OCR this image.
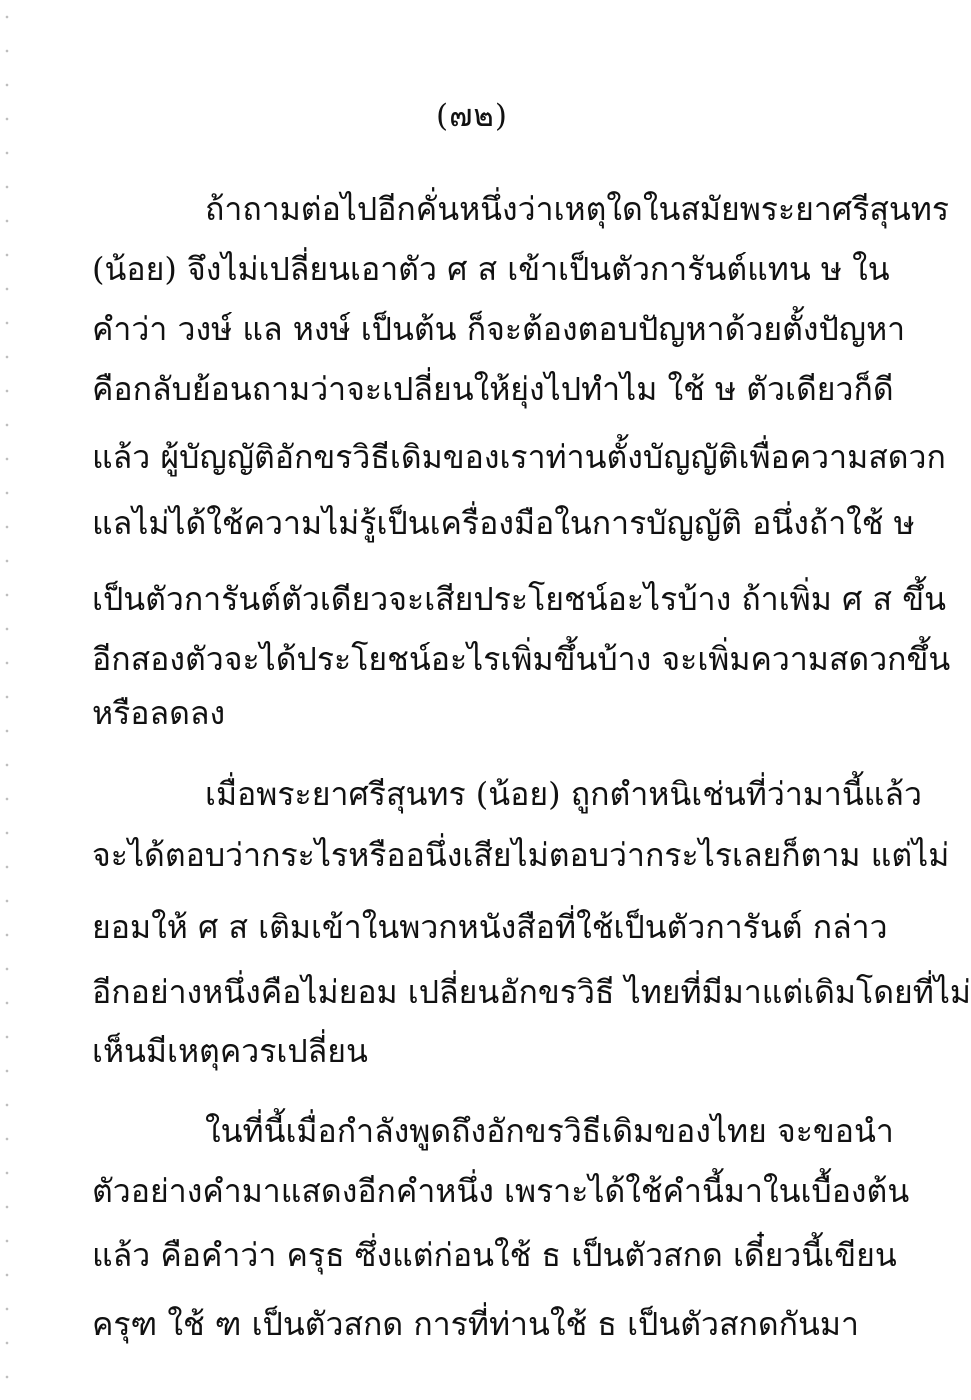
(๗๒)
ถ้าถามต่อไปอีกคั่นหนึ่งว่าเหตุใดในสมัยพระยาศรีสุนทร
(น้อย) จึงไม่เปลี่ยนเอาตัว ศ ส เข้าเป็นตัวการันต์แทน ษ ใน
คำว่า วงษ์ แล หงษ์ เป็นต้น ก็จะต้องตอบปัญหาด้วยตั้งปัญหา
คือกลับย้อนถามว่าจะเปลี่ยนให้ยุ่งไปทำไม ใช้ ษ ตัวเดียวก็ดี
แล้ว ผู้บัญญัติอักขรวิธีเดิมของเราท่านตั้งบัญญัติเพื่อความสดวก
แลไม่ได้ใช้ความไม่รู้เป็นเครื่องมือในการบัญญัติ อนึ่งถ้าใช้ ษ
เป็นตัวการันต์ตัวเดียวจะเสียประโยชน์อะไรบ้าง ถ้าเพิ่ม ศ ส ขึ้น
อีกสองตัวจะได้ประโยชน์อะไรเพิ่มขึ้นบ้าง จะเพิ่มความสดวกขึ้น
หรือลดลง
เมื่อพระยาศรีสุนทร (น้อย) ถูกตำหนิเช่นที่ว่ามานี้แล้ว
จะได้ตอบว่ากระไรหรืออนึ่งเสียไม่ตอบว่ากระไรเลยก็ตาม แต่ไม่
ยอมให้ ศ ส เติมเข้าในพวกหนังสือที่ใช้เป็นตัวการันต์ กล่าว
อีกอย่างหนึ่งคือไม่ยอม เปลี่ยนอักขรวิธี ไทยที่มีมาแต่เดิมโดยที่ไม่
เห็นมีเหตุควรเปลี่ยน
ในที่นี้เมื่อกำลังพูดถึงอักขรวิธีเดิมของไทย จะขอนำ
ตัวอย่างคำมาแสดงอีกคำหนึ่ง เพราะได้ใช้คำนี้มาในเบื้องต้น
แล้ว คือคำว่า ครุธ ซึ่งแต่ก่อนใช้ ธ เป็นตัวสกด เดี๋ยวนี้เขียน
ครุฑ ใช้ ฑ เป็นตัวสกด การที่ท่านใช้ ธ เป็นตัวสกดกันมา
